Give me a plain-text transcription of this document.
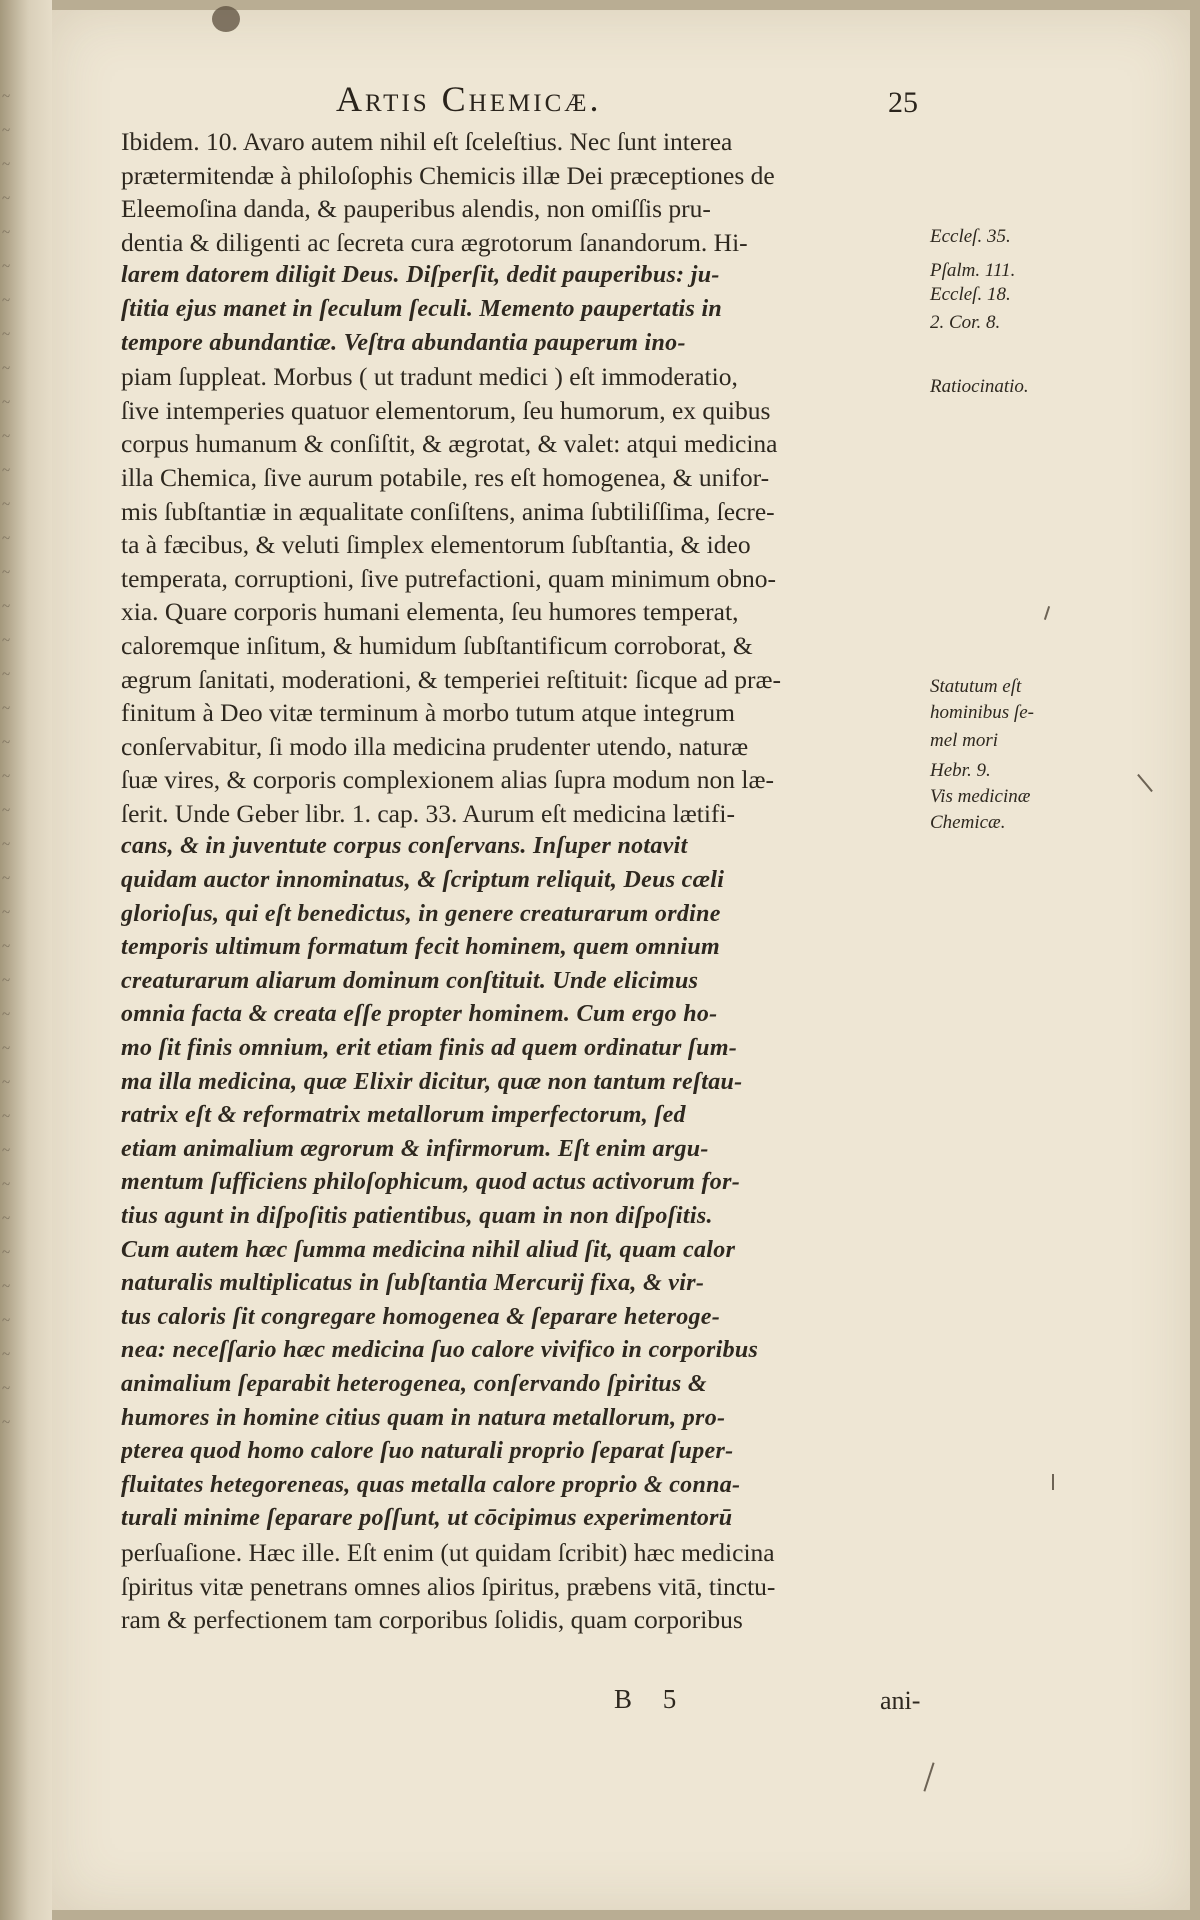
~
~
~
~
~
~
~
~
~
~
~
~
~
~
~
~
~
~
~
~
~
~
~
~
~
~
~
~
~
~
~
~
~
~
~
~
~
~
~
~
Artis Chemicæ.	25
Ibidem. 10. Avaro autem nihil eſt ſceleſtius. Nec ſunt interea
prætermitendæ à philoſophis Chemicis illæ Dei præceptiones de
Eleemoſina danda, & pauperibus alendis, non omiſſis pru-
dentia & diligenti ac ſecreta cura ægrotorum ſanandorum. Hi-
larem datorem diligit Deus. Diſperſit, dedit pauperibus: ju-
ſtitia ejus manet in ſeculum ſeculi. Memento paupertatis in
tempore abundantiæ. Veſtra abundantia pauperum ino-
piam ſuppleat. Morbus ( ut tradunt medici ) eſt immoderatio,
ſive intemperies quatuor elementorum, ſeu humorum, ex quibus
corpus humanum & conſiſtit, & ægrotat, & valet: atqui medicina
illa Chemica, ſive aurum potabile, res eſt homogenea, & unifor-
mis ſubſtantiæ in æqualitate conſiſtens, anima ſubtiliſſima, ſecre-
ta à fæcibus, & veluti ſimplex elementorum ſubſtantia, & ideo
temperata, corruptioni, ſive putrefactioni, quam minimum obno-
xia. Quare corporis humani elementa, ſeu humores temperat,
caloremque inſitum, & humidum ſubſtantificum corroborat, &
ægrum ſanitati, moderationi, & temperiei reſtituit: ſicque ad præ-
finitum à Deo vitæ terminum à morbo tutum atque integrum
conſervabitur, ſi modo illa medicina prudenter utendo, naturæ
ſuæ vires, & corporis complexionem alias ſupra modum non læ-
ſerit. Unde Geber libr. 1. cap. 33. Aurum eſt medicina lætifi-
cans, & in juventute corpus conſervans. Inſuper notavit
quidam auctor innominatus, & ſcriptum reliquit, Deus cæli
glorioſus, qui eſt benedictus, in genere creaturarum ordine
temporis ultimum formatum fecit hominem, quem omnium
creaturarum aliarum dominum conſtituit. Unde elicimus
omnia facta & creata eſſe propter hominem. Cum ergo ho-
mo ſit finis omnium, erit etiam finis ad quem ordinatur ſum-
ma illa medicina, quæ Elixir dicitur, quæ non tantum reſtau-
ratrix eſt & reformatrix metallorum imperfectorum, ſed
etiam animalium ægrorum & infirmorum. Eſt enim argu-
mentum ſufficiens philoſophicum, quod actus activorum for-
tius agunt in diſpoſitis patientibus, quam in non diſpoſitis.
Cum autem hæc ſumma medicina nihil aliud ſit, quam calor
naturalis multiplicatus in ſubſtantia Mercurij fixa, & vir-
tus caloris ſit congregare homogenea & ſeparare heteroge-
nea: neceſſario hæc medicina ſuo calore vivifico in corporibus
animalium ſeparabit heterogenea, conſervando ſpiritus &
humores in homine citius quam in natura metallorum, pro-
pterea quod homo calore ſuo naturali proprio ſeparat ſuper-
fluitates hetegoreneas, quas metalla calore proprio & conna-
turali minime ſeparare poſſunt, ut cōcipimus experimentorū
perſuaſione. Hæc ille. Eſt enim (ut quidam ſcribit) hæc medicina
ſpiritus vitæ penetrans omnes alios ſpiritus, præbens vitā, tinctu-
ram & perfectionem tam corporibus ſolidis, quam corporibus
Eccleſ. 35.
Pſalm. 111.
Eccleſ. 18.
2. Cor. 8.
Ratiocinatio.
Statutum eſt
hominibus ſe-
mel mori
Hebr. 9.
Vis medicinæ
Chemicæ.
B 5	ani-
